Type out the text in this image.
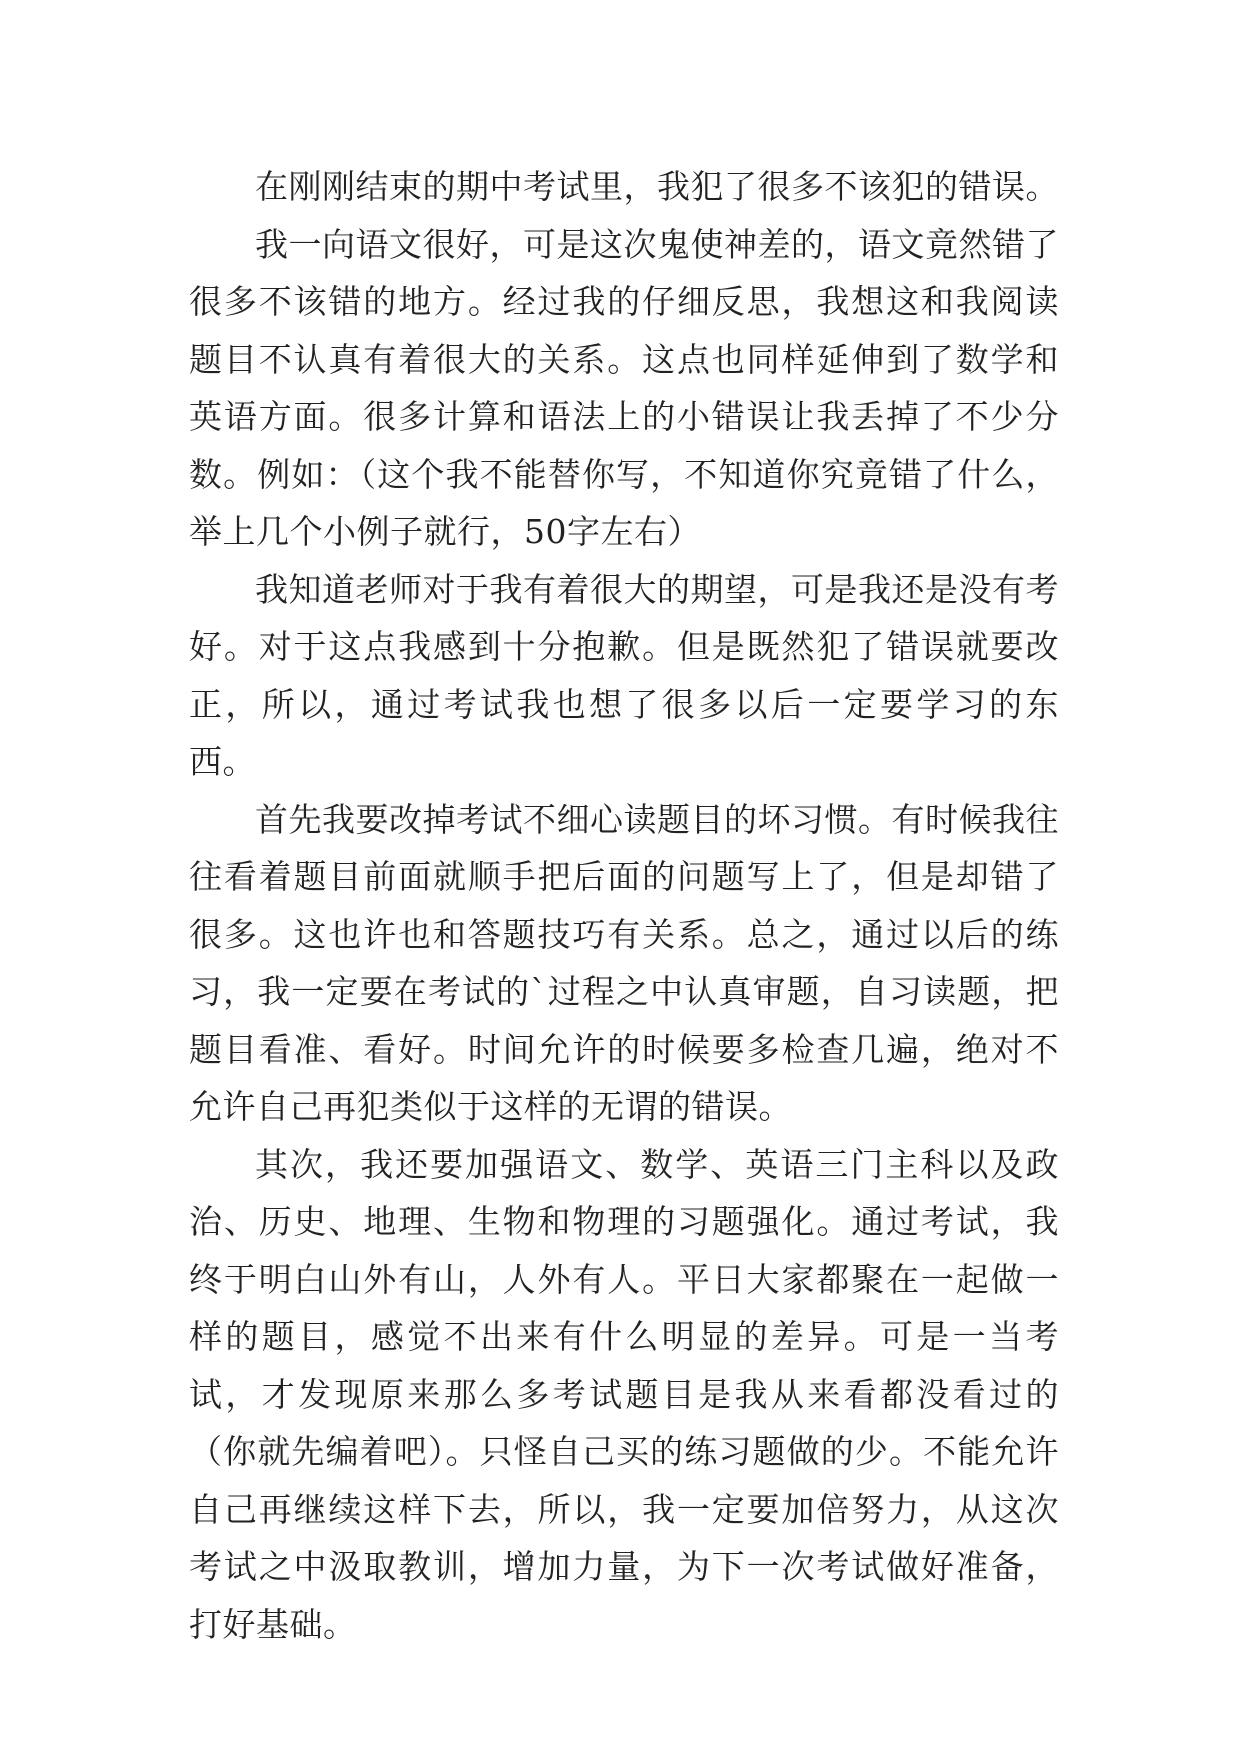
在刚刚结束的期中考试里，我犯了很多不该犯的错误。

我一向语文很好，可是这次鬼使神差的，语文竟然错了很多不该错的地方。经过我的仔细反思，我想这和我阅读题目不认真有着很大的关系。这点也同样延伸到了数学和英语方面。很多计算和语法上的小错误让我丢掉了不少分数。例如：（这个我不能替你写，不知道你究竟错了什么，举上几个小例子就行，50字左右）

我知道老师对于我有着很大的期望，可是我还是没有考好。对于这点我感到十分抱歉。但是既然犯了错误就要改正，所以，通过考试我也想了很多以后一定要学习的东西。

首先我要改掉考试不细心读题目的坏习惯。有时候我往往看着题目前面就顺手把后面的问题写上了，但是却错了很多。这也许也和答题技巧有关系。总之，通过以后的练习，我一定要在考试的`过程之中认真审题，自习读题，把题目看准、看好。时间允许的时候要多检查几遍，绝对不允许自己再犯类似于这样的无谓的错误。

其次，我还要加强语文、数学、英语三门主科以及政治、历史、地理、生物和物理的习题强化。通过考试，我终于明白山外有山，人外有人。平日大家都聚在一起做一样的题目，感觉不出来有什么明显的差异。可是一当考试，才发现原来那么多考试题目是我从来看都没看过的（你就先编着吧）。只怪自己买的练习题做的少。不能允许自己再继续这样下去，所以，我一定要加倍努力，从这次考试之中汲取教训，增加力量，为下一次考试做好准备，打好基础。
